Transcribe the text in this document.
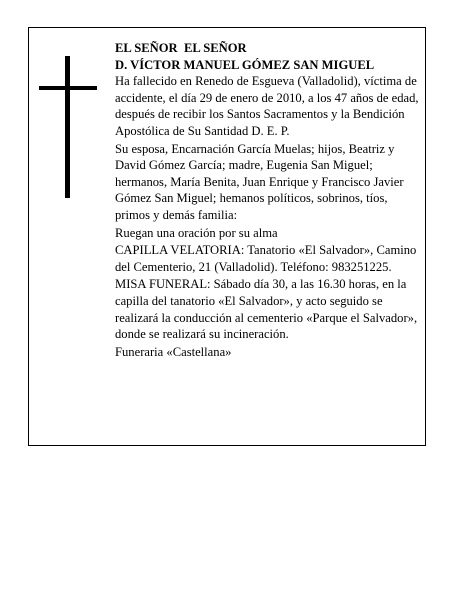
EL SEÑOR  EL SEÑOR

D. VÍCTOR MANUEL GÓMEZ SAN MIGUEL

Ha fallecido en Renedo de Esgueva (Valladolid), víctima de accidente, el día 29 de enero de 2010, a los 47 años de edad, después de recibir los Santos Sacramentos y la Bendición Apostólica de Su Santidad D. E. P.

Su esposa, Encarnación García Muelas; hijos, Beatriz y David Gómez García; madre, Eugenia San Miguel; hermanos, María Benita, Juan Enrique y Francisco Javier Gómez San Miguel; hemanos políticos, sobrinos, tíos, primos y demás familia:

Ruegan una oración por su alma

CAPILLA VELATORIA: Tanatorio «El Salvador», Camino del Cementerio, 21 (Valladolid). Teléfono: 983251225.

MISA FUNERAL: Sábado día 30, a las 16.30 horas, en la capilla del tanatorio «El Salvador», y acto seguido se realizará la conducción al cementerio «Parque el Salvador», donde se realizará su incineración.

Funeraria «Castellana»
